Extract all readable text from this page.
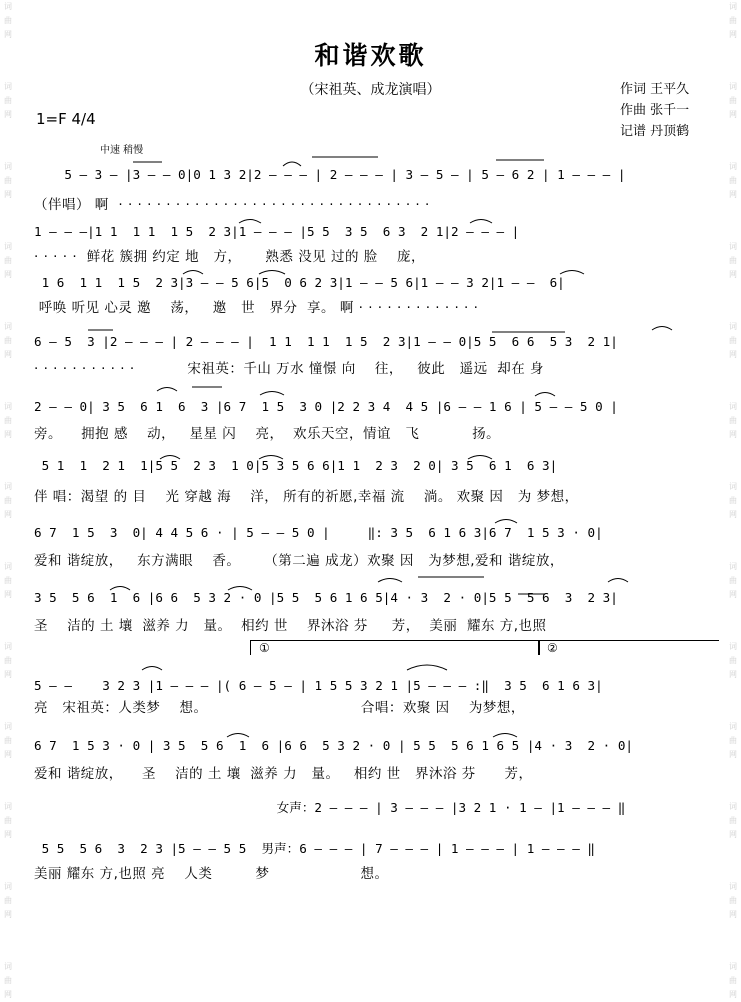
词曲网
词曲网
词曲网
词曲网
词曲网
词曲网
词曲网
词曲网
词曲网
词曲网
词曲网
词曲网
词曲网
词曲网
词曲网
词曲网
词曲网
词曲网
词曲网
词曲网
词曲网
词曲网
词曲网
词曲网
词曲网
词曲网
和谐欢歌
（宋祖英、成龙演唱）	作词 王平久
作曲 张千一
记谱 丹顶鹤
1=F 4/4
中速 稍慢
5 – 3 – |3 – – 0|0 1 3 2|2 – – – | 2 – – – | 3 – 5 – | 5 – 6 2 | 1 – – – |
（伴唱） 啊  · · · · · · · · · · · · · · · · · · · · · · · · · · · · · · · · ·
1 – – –|1 1  1 1  1 5  2 3|1 – – – |5 5  3 5  6 3  2 1|2 – – – |
· · · · ·  鲜花 簇拥 约定 地   方，     熟悉 没见 过的 脸    庞，
1 6  1 1  1 5  2 3|3 – – 5 6|5  0 6 2 3|1 – – 5 6|1 – – 3 2|1 – –  6|
呼唤 听见 心灵 邀    荡，   邀   世   界分  享。 啊 · · · · · · · · · · · · ·
6 – 5  3 |2 – – – | 2 – – – |  1 1  1 1  1 5  2 3|1 – – 0|5 5  6 6  5 3  2 1|
· · · · · · · · · · ·           宋祖英：千山 万水 憧憬 向    往，   彼此   遥远  却在 身
2 – – 0| 3 5  6 1  6  3 |6 7  1 5  3 0 |2 2 3 4  4 5 |6 – – 1 6 | 5 – – 5 0 |
旁。    拥抱 感    动，   星星 闪    亮，  欢乐天空，情谊   飞           扬。
5 1  1  2 1  1|5 5  2 3  1 0|5 3 5 6 6|1 1  2 3  2 0| 3 5  6 1  6 3|
伴 唱：渴望 的 目    光 穿越 海    洋， 所有的祈愿,幸福 流    淌。 欢聚 因   为 梦想，
6 7  1 5  3  0| 4 4 5 6 · | 5 – – 5 0 |     ‖: 3 5  6 1 6 3|6 7  1 5 3 · 0|
爱和 谐绽放，   东方满眼    香。     （第二遍 成龙）欢聚 因   为梦想,爱和 谐绽放，
3 5  5 6  1  6 |6 6  5 3 2 · 0 |5 5  5 6 1 6 5|4 · 3  2 · 0|5 5  5 6  3  2 3|
圣    洁的 土 壤  滋养 力   量。  相约 世    界沐浴 芬     芳，  美丽  耀东 方,也照
①	②
5 – –    3 2 3 |1 – – – |( 6 – 5 – | 1 5 5 3 2 1 |5 – – – :‖  3 5  6 1 6 3|
亮   宋祖英：人类梦    想。                                合唱：欢聚 因    为梦想，
6 7  1 5 3 · 0 | 3 5  5 6  1  6 |6 6  5 3 2 · 0 | 5 5  5 6 1 6 5 |4 · 3  2 · 0|
爱和 谐绽放，    圣    洁的 土 壤  滋养 力   量。   相约 世   界沐浴 芬      芳，
女声：2 – – – | 3 – – – |3 2 1 · 1 – |1 – – – ‖
5 5  5 6  3  2 3 |5 – – 5 5  男声：6 – – – | 7 – – – | 1 – – – | 1 – – – ‖
美丽 耀东 方,也照 亮    人类         梦                   想。
